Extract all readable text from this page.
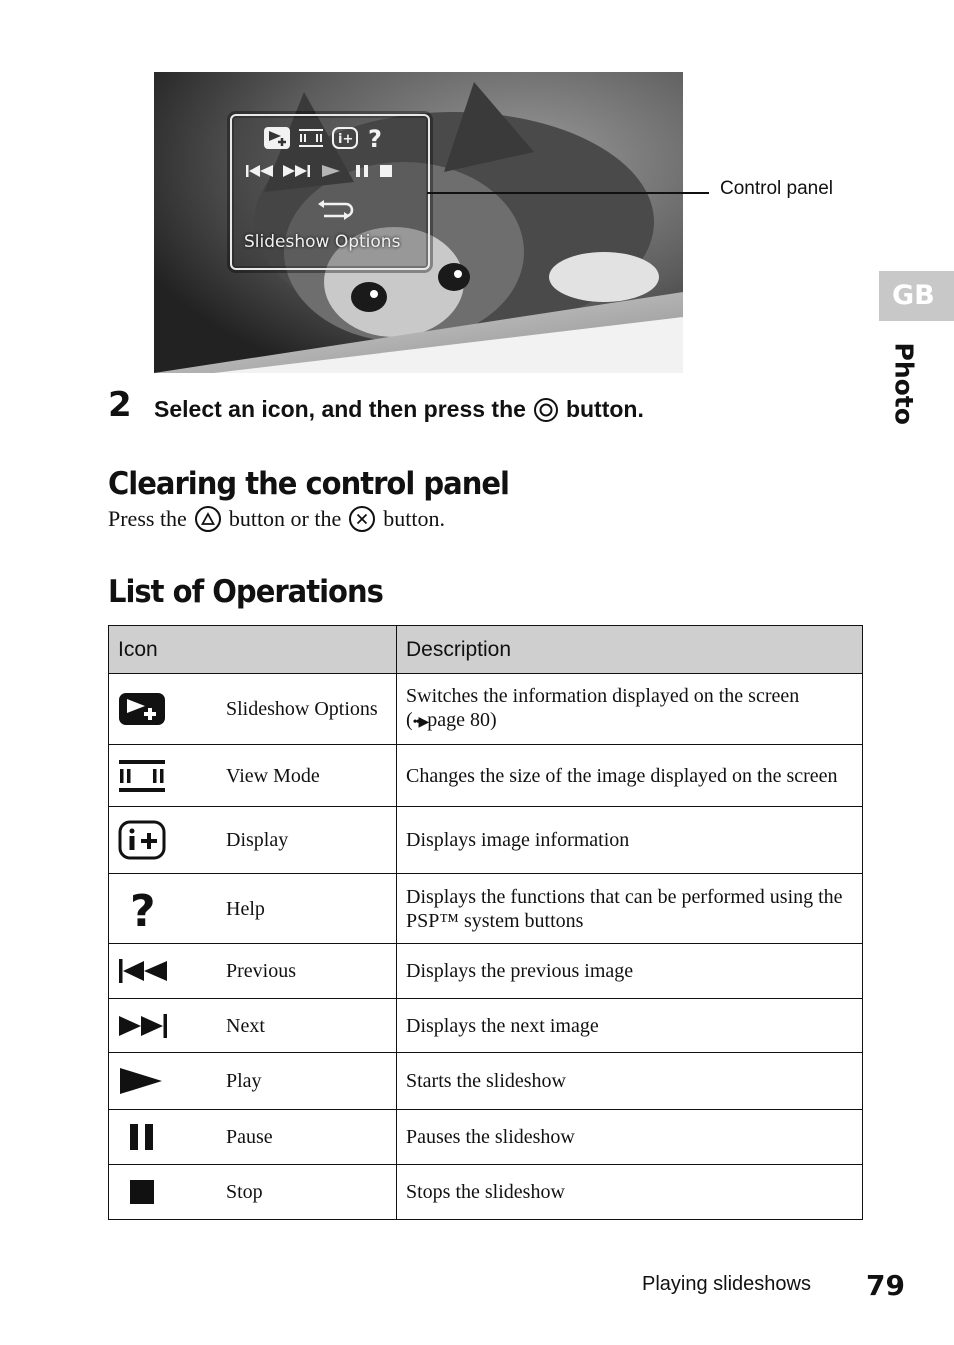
i+ ?
Slideshow Options
Control panel
GB
Photo
2 Select an icon, and then press the button.
Clearing the control panel
Press the button or the button.
List of Operations
Icon		Description

	Slideshow Options	Switches the information displayed on the screen
(••▶page 80)

	View Mode	Changes the size of the image displayed on the screen

	Display	Displays image information

?	Help	Displays the functions that can be performed using the PSP™ system buttons

	Previous	Displays the previous image

	Next	Displays the next image

	Play	Starts the slideshow

	Pause	Pauses the slideshow

	Stop	Stops the slideshow
Playing slideshows 79
